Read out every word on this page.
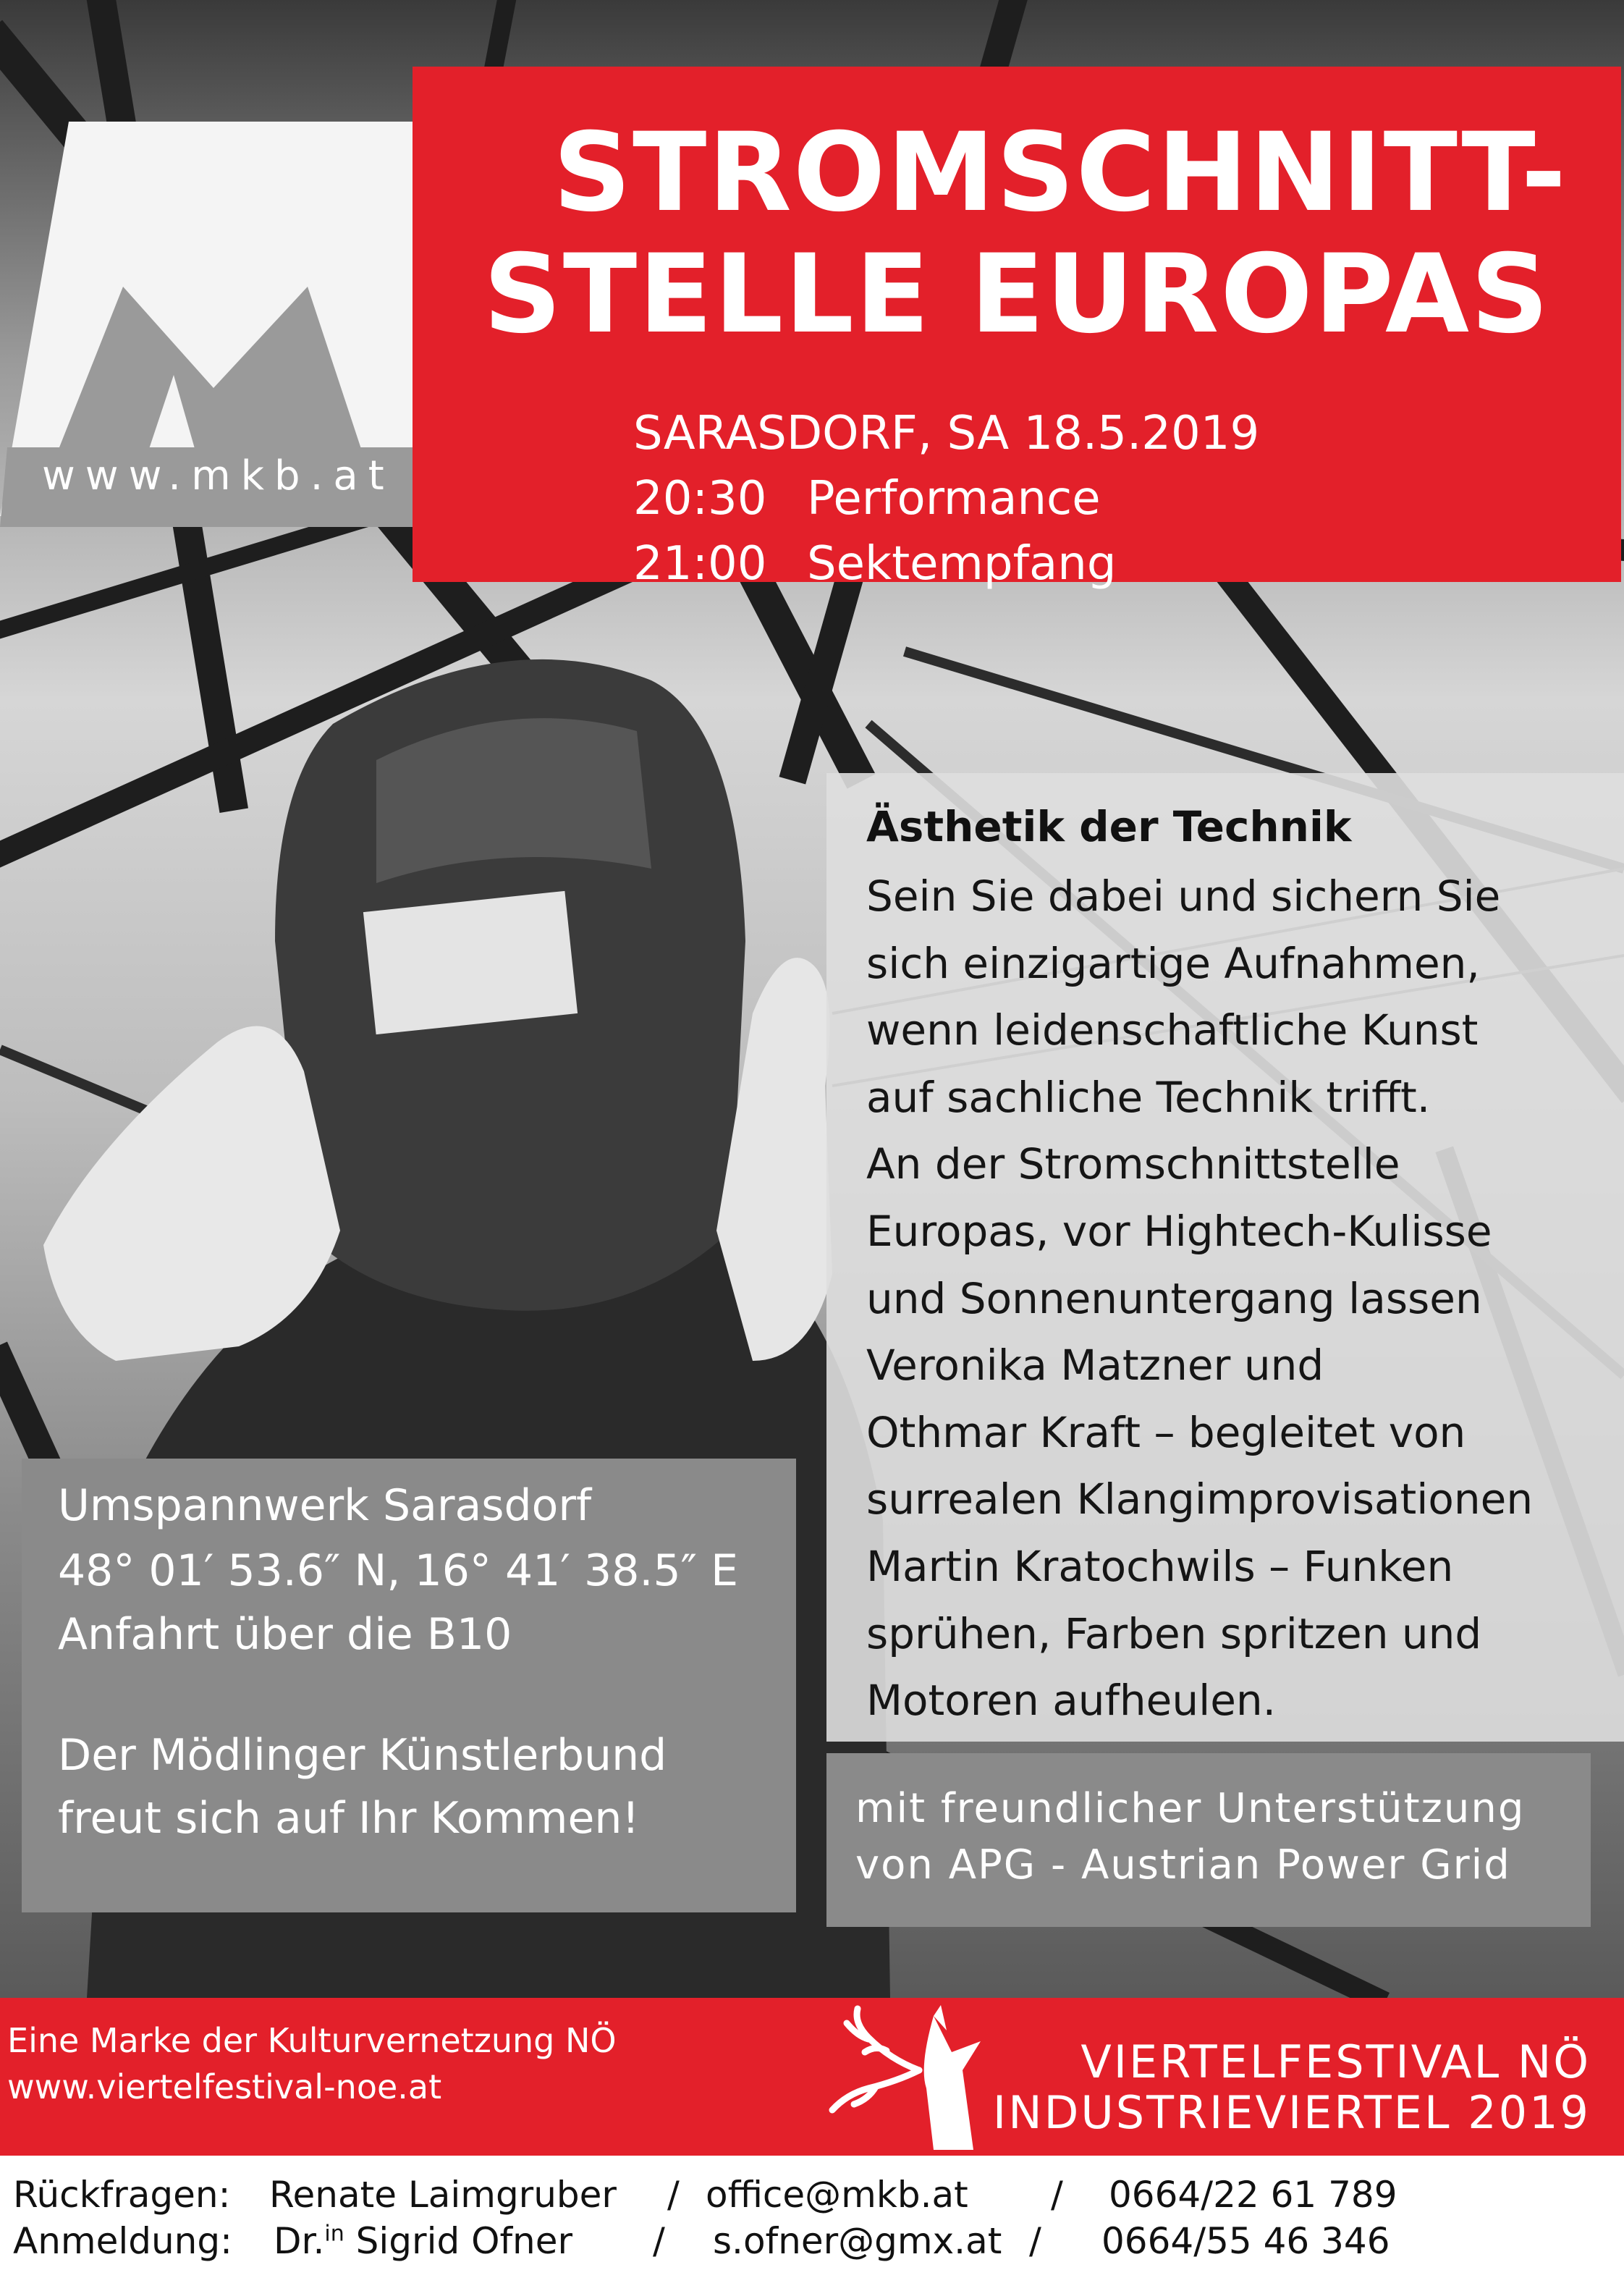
www.mkb.at
STROMSCHNITT-
STELLE EUROPAS
SARASDORF, SA 18.5.2019
20:30 Performance
21:00 Sektempfang
Ästhetik der Technik
Sein Sie dabei und sichern Sie
sich einzigartige Aufnahmen,
wenn leidenschaftliche Kunst
auf sachliche Technik trifft.
An der Stromschnittstelle
Europas, vor Hightech-Kulisse
und Sonnenuntergang lassen
Veronika Matzner und
Othmar Kraft – begleitet von
surrealen Klangimprovisationen
Martin Kratochwils – Funken
sprühen, Farben spritzen und
Motoren aufheulen.
Umspannwerk Sarasdorf
48° 01′ 53.6″ N, 16° 41′ 38.5″ E
Anfahrt über die B10
Der Mödlinger Künstlerbund
freut sich auf Ihr Kommen!	mit freundlicher Unterstützung
von APG - Austrian Power Grid
Eine Marke der Kulturvernetzung NÖ
www.viertelfestival-noe.at	VIERTELFESTIVAL NÖ
INDUSTRIEVIERTEL 2019
Rückfragen: Renate Laimgruber / office@mkb.at / 0664/22 61 789
Anmeldung: Dr.$^{in}$ Sigrid Ofner / s.ofner@gmx.at / 0664/55 46 346
